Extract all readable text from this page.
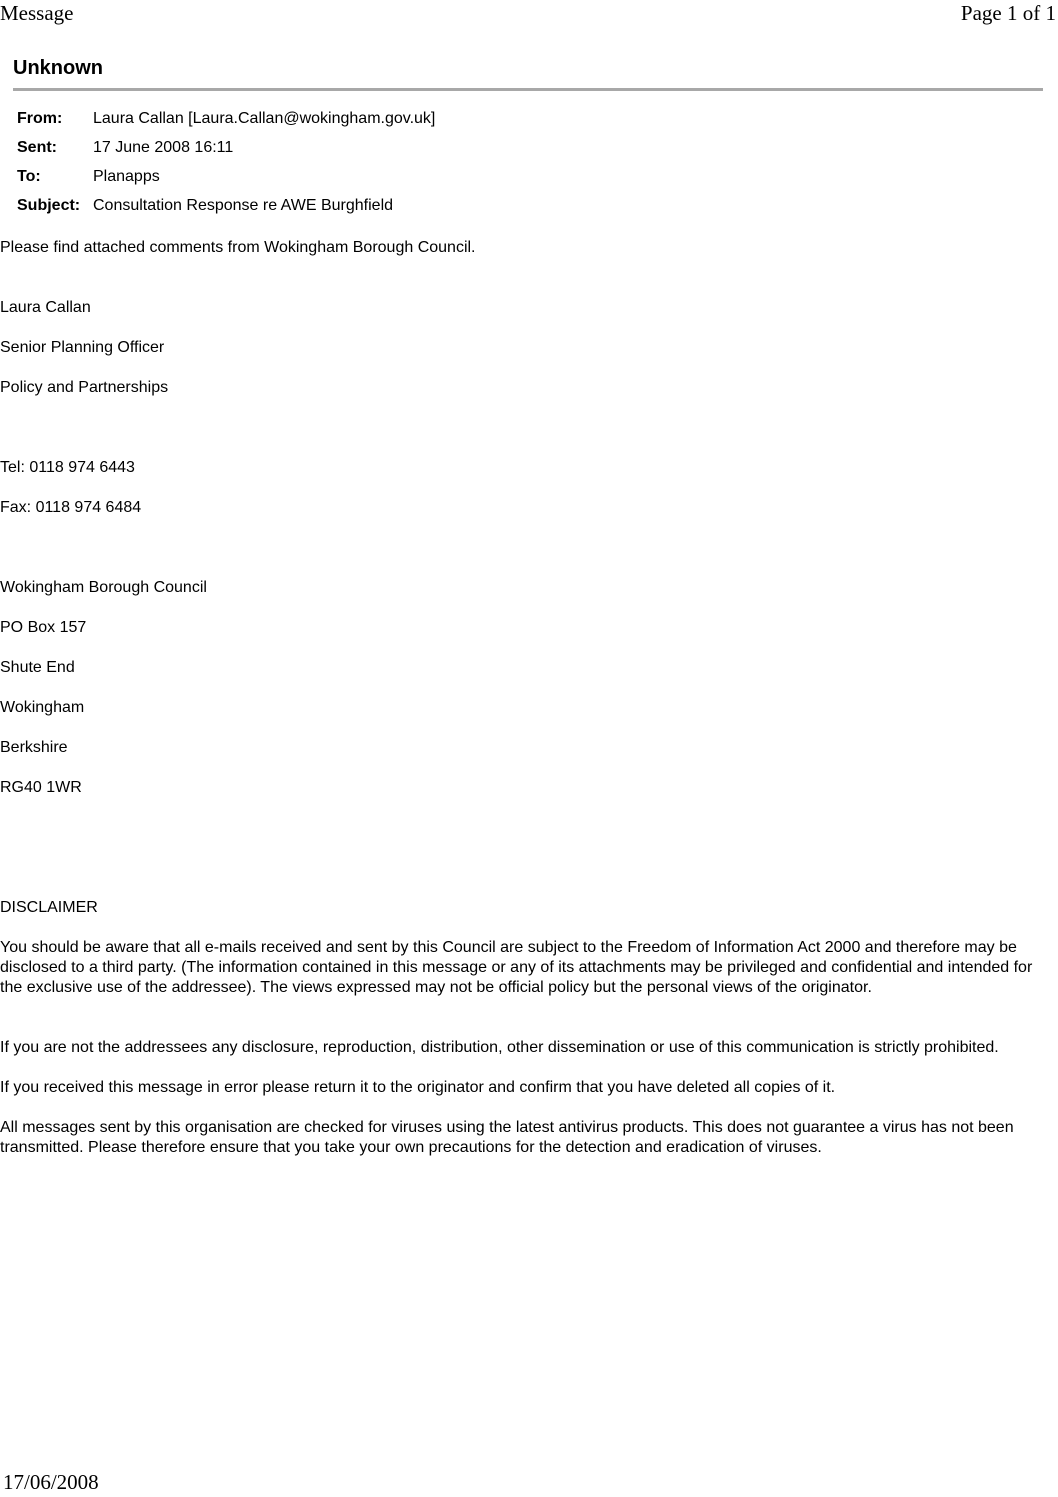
Message	Page 1 of 1
Unknown
From:	Laura Callan [Laura.Callan@wokingham.gov.uk]
Sent:	17 June 2008 16:11
To:	Planapps
Subject: Consultation Response re AWE Burghfield

Please find attached comments from Wokingham Borough Council.

Laura Callan

Senior Planning Officer

Policy and Partnerships

Tel: 0118 974 6443

Fax: 0118 974 6484

Wokingham Borough Council

PO Box 157

Shute End

Wokingham

Berkshire

RG40 1WR

DISCLAIMER

You should be aware that all e-mails received and sent by this Council are subject to the Freedom of Information Act 2000 and therefore may be disclosed to a third party. (The information contained in this message or any of its attachments may be privileged and confidential and intended for the exclusive use of the addressee). The views expressed may not be official policy but the personal views of the originator.

If you are not the addressees any disclosure, reproduction, distribution, other dissemination or use of this communication is strictly prohibited.

If you received this message in error please return it to the originator and confirm that you have deleted all copies of it.

All messages sent by this organisation are checked for viruses using the latest antivirus products. This does not guarantee a virus has not been transmitted. Please therefore ensure that you take your own precautions for the detection and eradication of viruses.

17/06/2008
